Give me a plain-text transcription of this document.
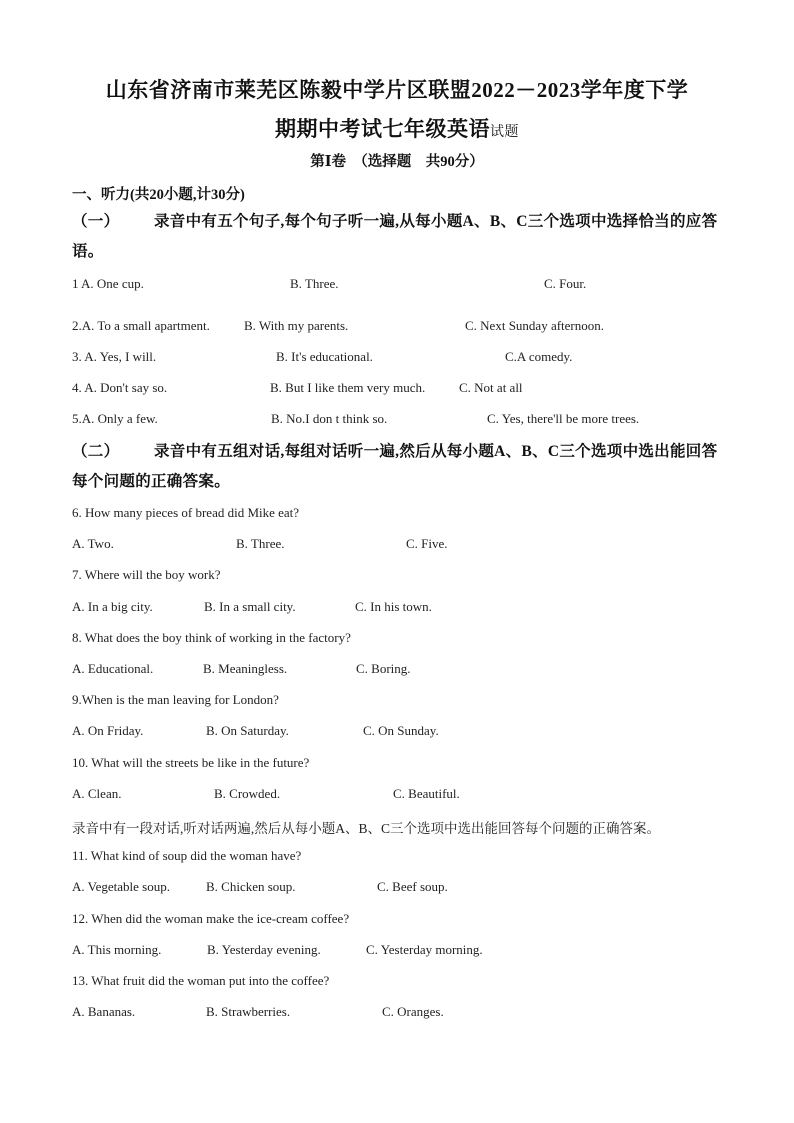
山东省济南市莱芜区陈毅中学片区联盟2022－2023学年度下学
期期中考试七年级英语试题
第Ⅰ卷　（选择题　共90分）
一、听力(共20小题,计30分)
（一） 录音中有五个句子,每个句子听一遍,从每小题A、B、C三个选项中选择恰当的应答语。
1 A. One cup.	B. Three.	C. Four.
2.A. To a small apartment.	B. With my parents.	C. Next Sunday afternoon.
3. A. Yes, I will.	B. It's educational.	C.A comedy.
4. A. Don't say so.	B. But I like them very much.	C. Not at all
5.A. Only a few.	B. No.I don t think so.	C. Yes, there'll be more trees.
（二） 录音中有五组对话,每组对话听一遍,然后从每小题A、B、C三个选项中选出能回答每个问题的正确答案。
6. How many pieces of bread did Mike eat?
A. Two.	B. Three.	C. Five.
7. Where will the boy work?
A. In a big city.	B. In a small city.	C. In his town.
8. What does the boy think of working in the factory?
A. Educational.	B. Meaningless.	C. Boring.
9.When is the man leaving for London?
A. On Friday.	B. On Saturday.	C. On Sunday.
10. What will the streets be like in the future?
A. Clean.	B. Crowded.	C. Beautiful.
录音中有一段对话,听对话两遍,然后从每小题A、B、C三个选项中选出能回答每个问题的正确答案。
11. What kind of soup did the woman have?
A. Vegetable soup.	B. Chicken soup.	C. Beef soup.
12. When did the woman make the ice-cream coffee?
A. This morning.	B. Yesterday evening.	C. Yesterday morning.
13. What fruit did the woman put into the coffee?
A. Bananas.	B. Strawberries.	C. Oranges.
